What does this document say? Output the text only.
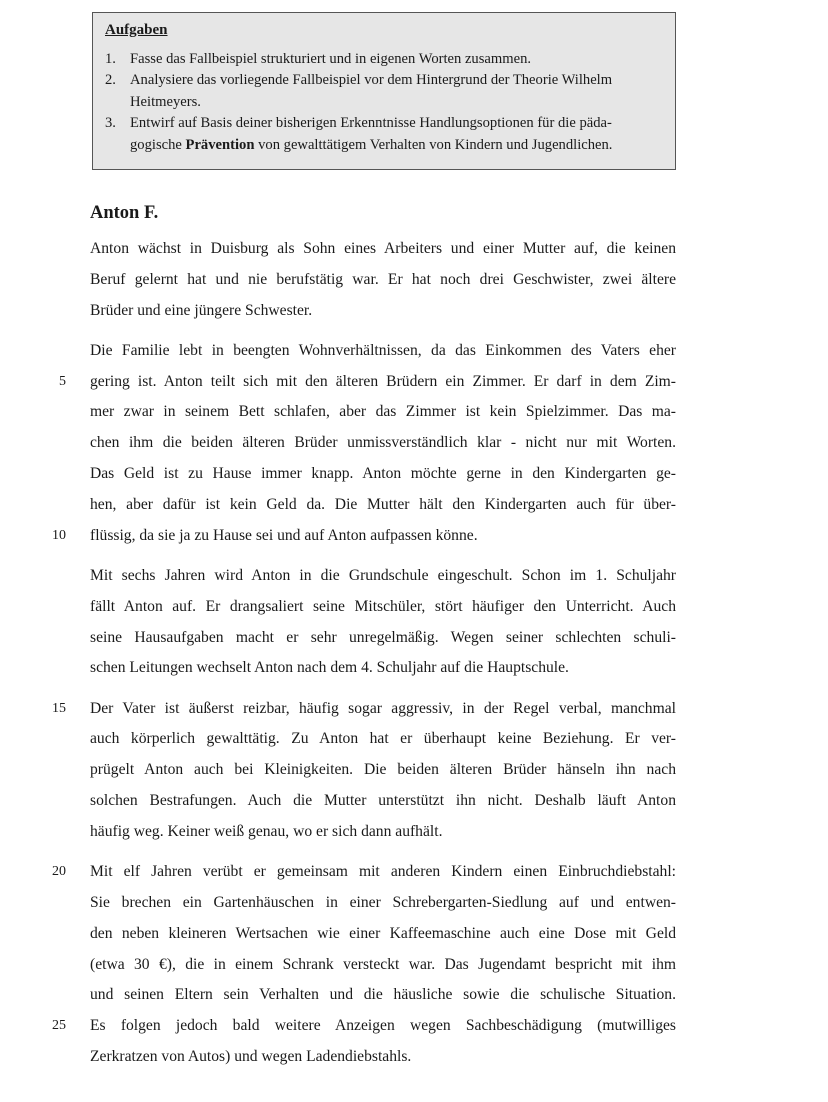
Aufgaben
1. Fasse das Fallbeispiel strukturiert und in eigenen Worten zusammen.
2. Analysiere das vorliegende Fallbeispiel vor dem Hintergrund der Theorie Wilhelm
Heitmeyers.
3. Entwirf auf Basis deiner bisherigen Erkenntnisse Handlungsoptionen für die päda-
gogische Prävention von gewalttätigem Verhalten von Kindern und Jugendlichen.
Anton F.
Anton wächst in Duisburg als Sohn eines Arbeiters und einer Mutter auf, die keinen
Beruf gelernt hat und nie berufstätig war. Er hat noch drei Geschwister, zwei ältere
Brüder und eine jüngere Schwester.
Die Familie lebt in beengten Wohnverhältnissen, da das Einkommen des Vaters eher
5 gering ist. Anton teilt sich mit den älteren Brüdern ein Zimmer. Er darf in dem Zim-
mer zwar in seinem Bett schlafen, aber das Zimmer ist kein Spielzimmer. Das ma-
chen ihm die beiden älteren Brüder unmissverständlich klar - nicht nur mit Worten.
Das Geld ist zu Hause immer knapp. Anton möchte gerne in den Kindergarten ge-
hen, aber dafür ist kein Geld da. Die Mutter hält den Kindergarten auch für über-
10 flüssig, da sie ja zu Hause sei und auf Anton aufpassen könne.
Mit sechs Jahren wird Anton in die Grundschule eingeschult. Schon im 1. Schuljahr
fällt Anton auf. Er drangsaliert seine Mitschüler, stört häufiger den Unterricht. Auch
seine Hausaufgaben macht er sehr unregelmäßig. Wegen seiner schlechten schuli-
schen Leitungen wechselt Anton nach dem 4. Schuljahr auf die Hauptschule.
15 Der Vater ist äußerst reizbar, häufig sogar aggressiv, in der Regel verbal, manchmal
auch körperlich gewalttätig. Zu Anton hat er überhaupt keine Beziehung. Er ver-
prügelt Anton auch bei Kleinigkeiten. Die beiden älteren Brüder hänseln ihn nach
solchen Bestrafungen. Auch die Mutter unterstützt ihn nicht. Deshalb läuft Anton
häufig weg. Keiner weiß genau, wo er sich dann aufhält.
20 Mit elf Jahren verübt er gemeinsam mit anderen Kindern einen Einbruchdiebstahl:
Sie brechen ein Gartenhäuschen in einer Schrebergarten-Siedlung auf und entwen-
den neben kleineren Wertsachen wie einer Kaffeemaschine auch eine Dose mit Geld
(etwa 30 €), die in einem Schrank versteckt war. Das Jugendamt bespricht mit ihm
und seinen Eltern sein Verhalten und die häusliche sowie die schulische Situation.
25 Es folgen jedoch bald weitere Anzeigen wegen Sachbeschädigung (mutwilliges
Zerkratzen von Autos) und wegen Ladendiebstahls.
